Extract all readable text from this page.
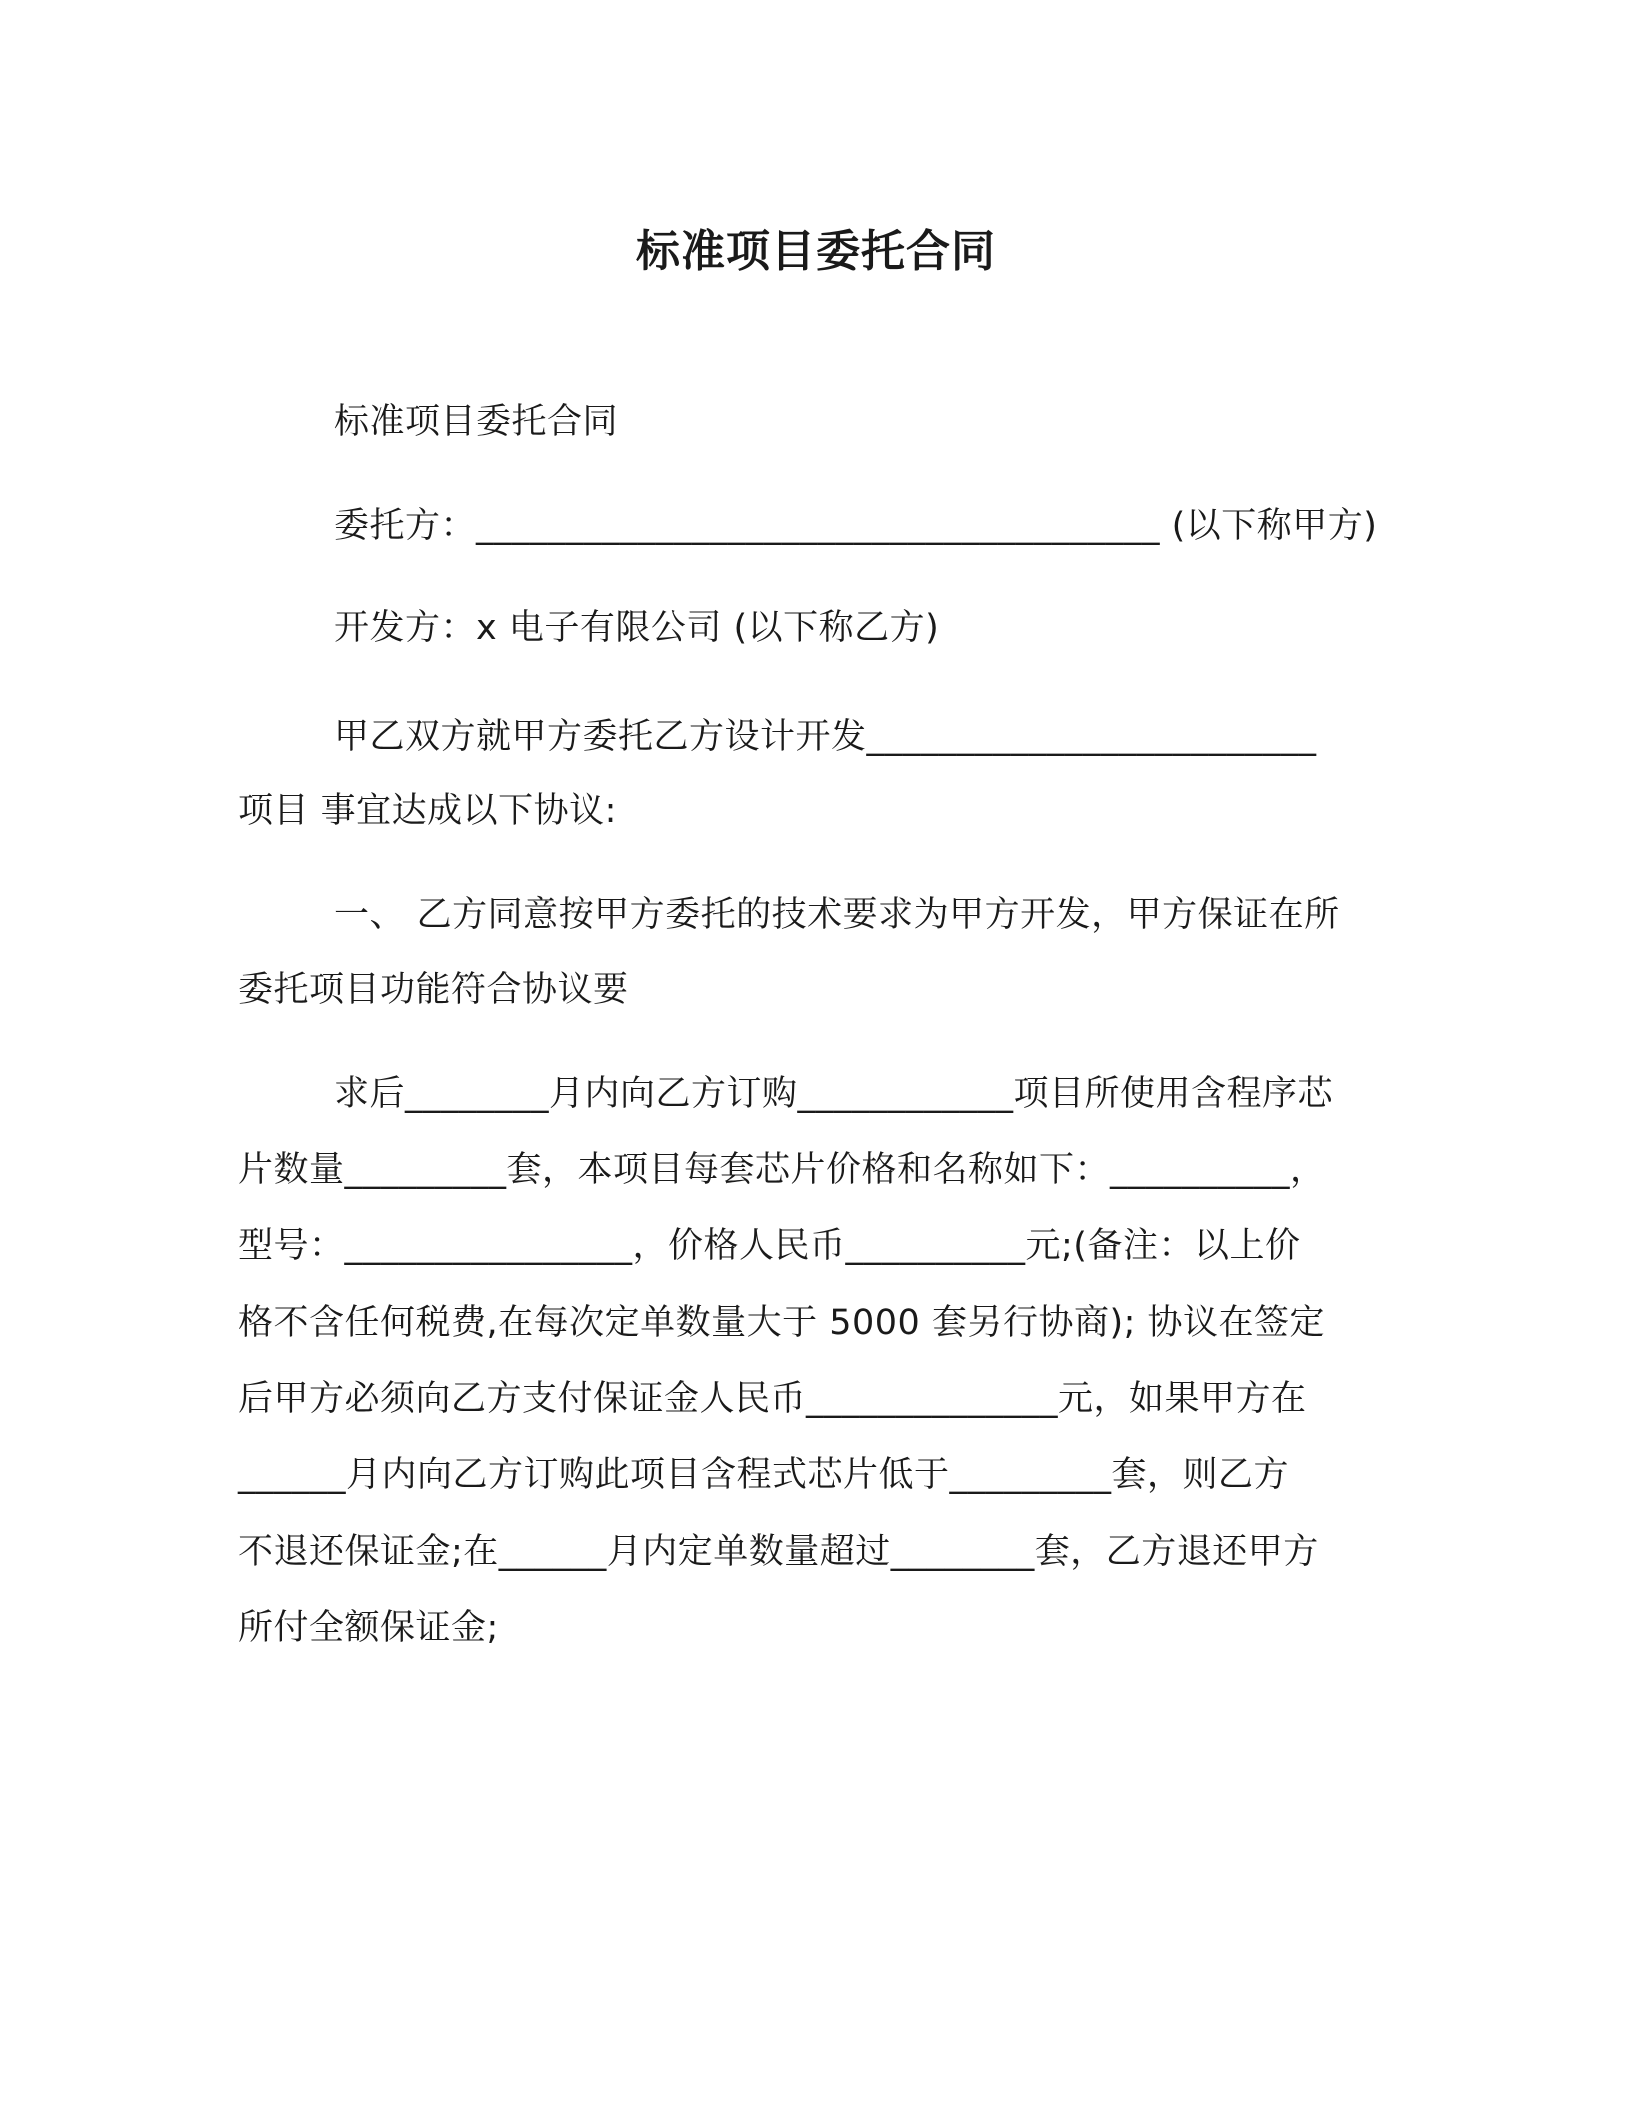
标准项目委托合同
标准项目委托合同
委托方：______________________________________ (以下称甲方)
开发方：x 电子有限公司 (以下称乙方)
甲乙双方就甲方委托乙方设计开发_________________________
项目 事宜达成以下协议:
一、 乙方同意按甲方委托的技术要求为甲方开发，甲方保证在所
委托项目功能符合协议要
求后________月内向乙方订购____________项目所使用含程序芯
片数量_________套，本项目每套芯片价格和名称如下：__________，
型号：________________，价格人民币__________元;(备注：以上价
格不含任何税费,在每次定单数量大于 5000 套另行协商); 协议在签定
后甲方必须向乙方支付保证金人民币______________元，如果甲方在
______月内向乙方订购此项目含程式芯片低于_________套，则乙方
不退还保证金;在______月内定单数量超过________套，乙方退还甲方
所付全额保证金;
